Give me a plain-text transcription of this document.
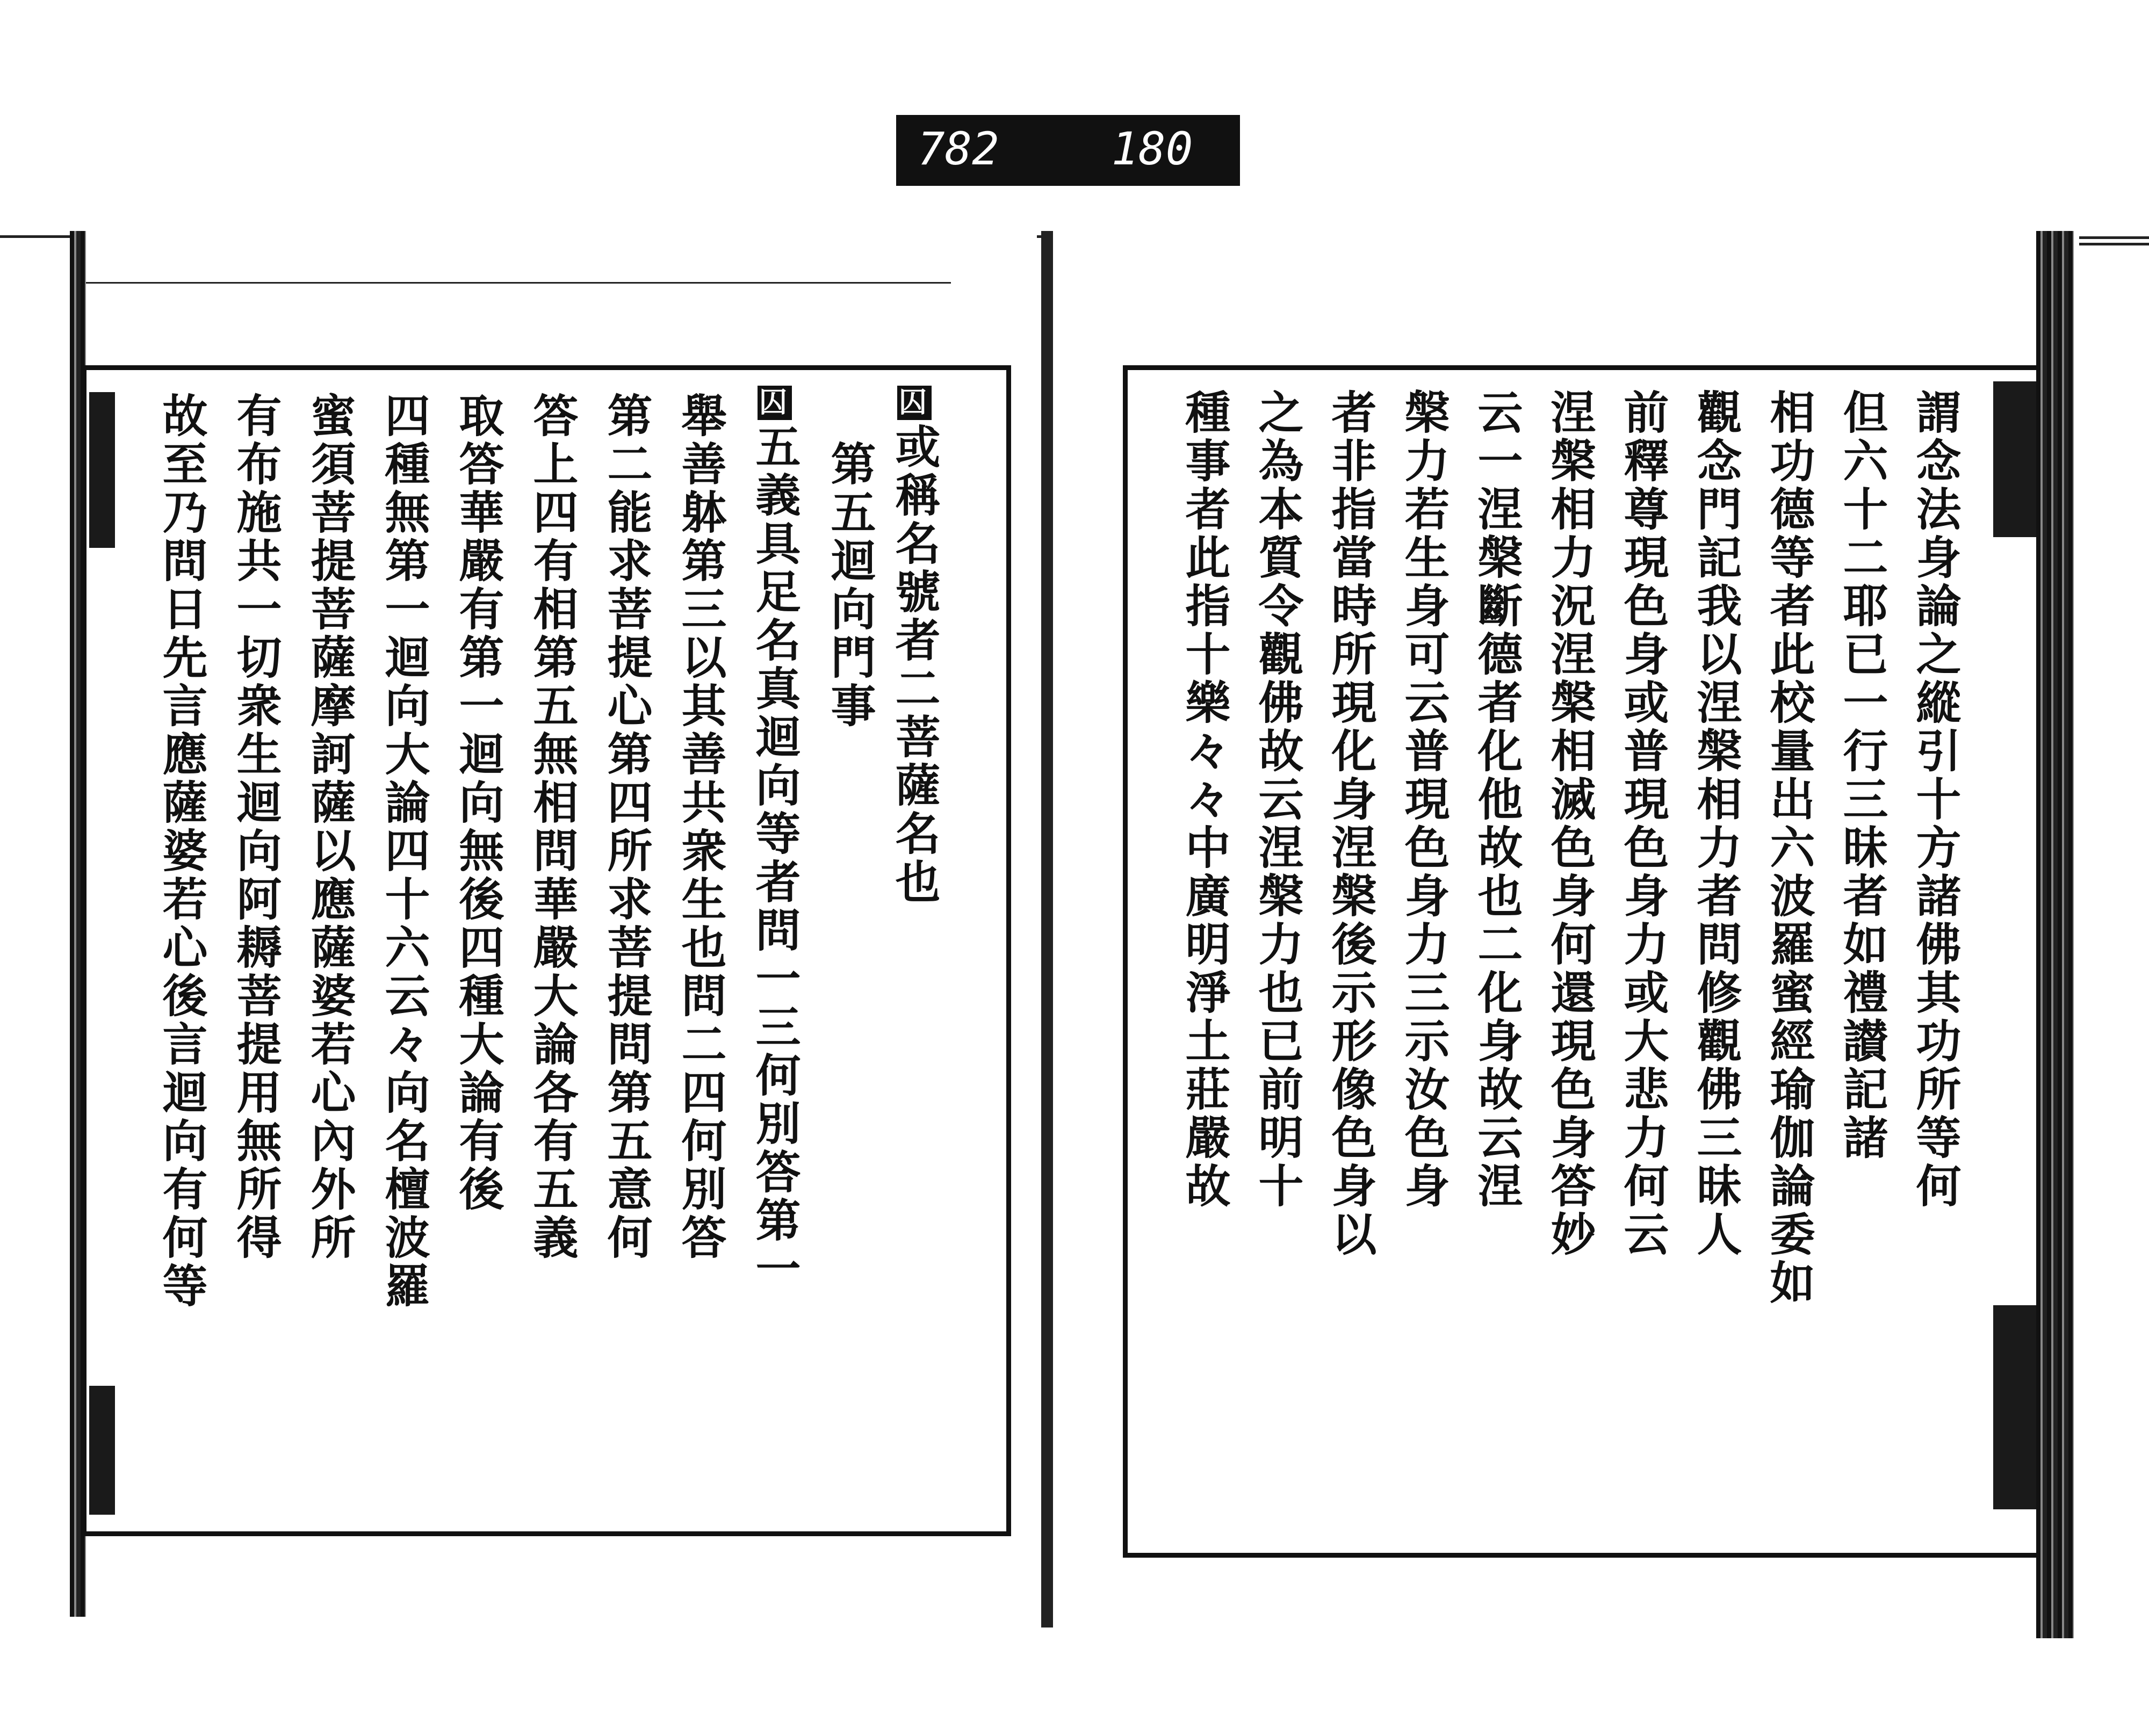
782 180
囚或稱名號者二菩薩名也
第五迴向門事
囚五義具足名真迴向等者問一三何別答第一
舉善躰第三以其善共衆生也問二四何別答
第二能求菩提心第四所求菩提問第五意何
答上四有相第五無相問華嚴大論各有五義
取答華嚴有第一迴向無後四種大論有後
四種無第一迴向大論四十六云々向名檀波羅
蜜須菩提菩薩摩訶薩以應薩婆若心內外所
有布施共一切衆生迴向阿耨菩提用無所得
故至乃問日先言應薩婆若心後言迴向有何等	謂念法身論之縱引十方諸佛其功所等何
但六十二耶已一行三昧者如禮讃記諸
相功德等者此校量出六波羅蜜經瑜伽論委如
觀念門記我以涅槃相力者問修觀佛三昧人
前釋尊現色身或普現色身力或大悲力何云
涅槃相力況涅槃相滅色身何還現色身答妙
云一涅槃斷德者化他故也二化身故云涅
槃力若生身可云普現色身力三示汝色身
者非指當時所現化身涅槃後示形像色身以
之為本質令觀佛故云涅槃力也已前明十
種事者此指十樂々々中廣明淨土莊嚴故
